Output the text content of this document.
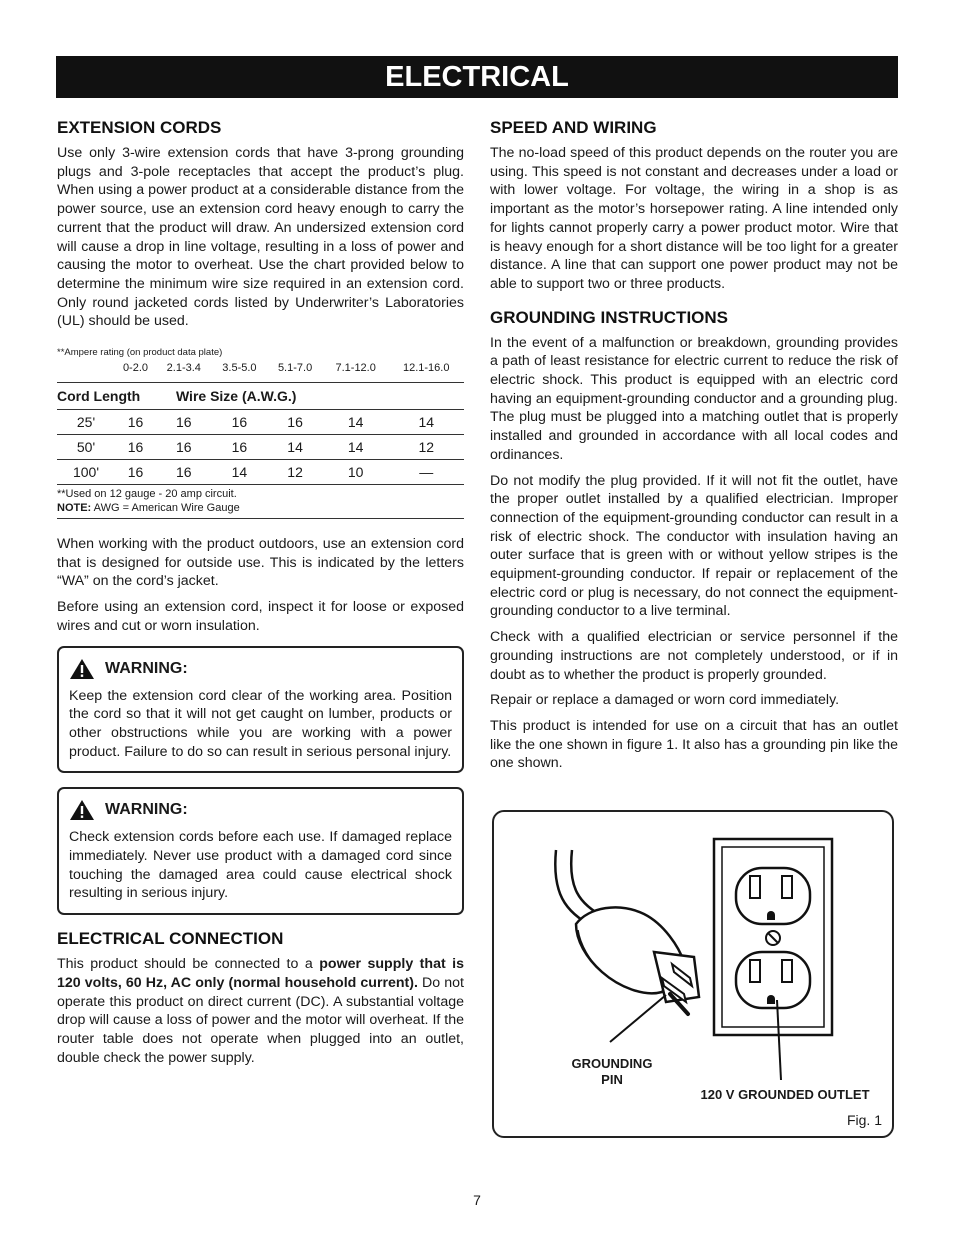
ELECTRICAL
EXTENSION CORDS

Use only 3-wire extension cords that have 3-prong grounding plugs and 3-pole receptacles that accept the product’s plug. When using a power product at a considerable distance from the power source, use an extension cord heavy enough to carry the current that the product will draw. An undersized extension cord will cause a drop in line voltage, resulting in a loss of power and causing the motor to overheat. Use the chart provided below to determine the minimum wire size required in an extension cord. Only round jacketed cords listed by Underwriter’s Laboratories (UL) should be used.

**Ampere rating (on product data plate)
	0-2.0	2.1-3.4	3.5-5.0	5.1-7.0	7.1-12.0	12.1-16.0
Cord Length		Wire Size (A.W.G.)				
25'	16	16	16	16	14	14
50'	16	16	16	14	14	12
100'	16	16	14	12	10	—
**Used on 12 gauge - 20 amp circuit.
NOTE: AWG = American Wire Gauge

When working with the product outdoors, use an extension cord that is designed for outside use. This is indicated by the letters “WA” on the cord’s jacket.

Before using an extension cord, inspect it for loose or exposed wires and cut or worn insulation.

WARNING:

Keep the extension cord clear of the working area. Position the cord so that it will not get caught on lumber, products or other obstructions while you are working with a power product. Failure to do so can result in serious personal injury.

WARNING:

Check extension cords before each use. If damaged replace immediately. Never use product with a damaged cord since touching the damaged area could cause electrical shock resulting in serious injury.

ELECTRICAL CONNECTION

This product should be connected to a power supply that is 120 volts, 60 Hz, AC only (normal household current). Do not operate this product on direct current (DC). A substantial voltage drop will cause a loss of power and the motor will overheat. If the router table does not operate when plugged into an outlet, double check the power supply.

SPEED AND WIRING

The no-load speed of this product depends on the router you are using. This speed is not constant and decreases under a load or with lower voltage. For voltage, the wiring in a shop is as important as the motor’s horsepower rating. A line intended only for lights cannot properly carry a power product motor. Wire that is heavy enough for a short distance will be too light for a greater distance. A line that can support one power product may not be able to support two or three products.

GROUNDING INSTRUCTIONS

In the event of a malfunction or breakdown, grounding provides a path of least resistance for electric current to reduce the risk of electric shock. This product is equipped with an electric cord having an equipment-grounding conductor and a grounding plug. The plug must be plugged into a matching outlet that is properly installed and grounded in accordance with all local codes and ordinances.

Do not modify the plug provided. If it will not fit the outlet, have the proper outlet installed by a qualified electrician. Improper connection of the equipment-grounding conductor can result in a risk of electric shock. The conductor with insulation having an outer surface that is green with or without yellow stripes is the equipment-grounding conductor. If repair or replacement of the electric cord or plug is necessary, do not connect the equipment-grounding conductor to a live terminal.

Check with a qualified electrician or service personnel if the grounding instructions are not completely understood, or if in doubt as to whether the product is properly grounded.

Repair or replace a damaged or worn cord immediately.

This product is intended for use on a circuit that has an outlet like the one shown in figure 1. It also has a grounding pin like the one shown.

GROUNDING PIN
120 V GROUNDED OUTLET
Fig. 1
7
